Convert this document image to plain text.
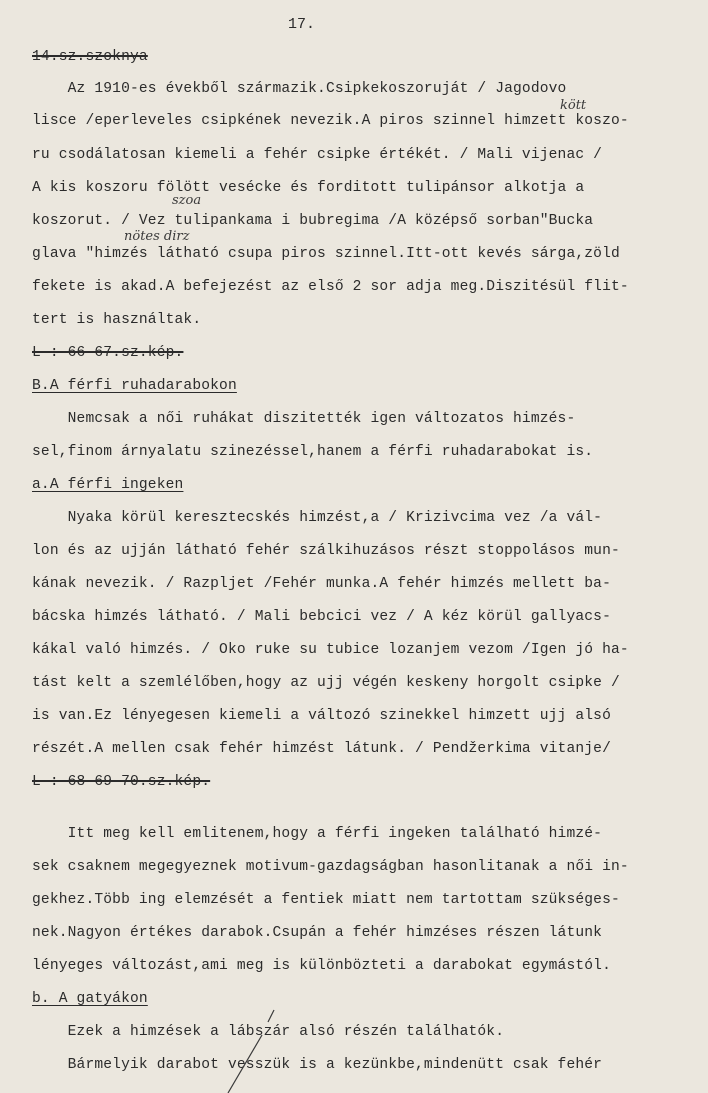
17.
14.sz.szoknya
Az 1910-es évekből származik.Csipkekoszoruját / Jagodovo
lisce /eperleveles csipkének nevezik.A piros szinnel himzett koszo-
ru csodálatosan kiemeli a fehér csipke értékét. / Mali vijenac /
A kis koszoru fölött vesécke és forditott tulipánsor alkotja a
koszorut. / Vez tulipankama i bubregima /A középső sorban"Bucka
glava "himzés látható csupa piros szinnel.Itt-ott kevés sárga,zöld
fekete is akad.A befejezést az első 2 sor adja meg.Diszitésül flit-
tert is használtak.
L : 66-67.sz.kép.
B.A férfi ruhadarabokon
Nemcsak a női ruhákat diszitették igen változatos himzés-
sel,finom árnyalatu szinezéssel,hanem a férfi ruhadarabokat is.
a.A férfi ingeken
Nyaka körül keresztecskés himzést,a / Krizivcima vez /a vál-
lon és az ujján látható fehér szálkihuzásos részt stoppolásos mun-
kának nevezik. / Razpljet /Fehér munka.A fehér himzés mellett ba-
bácska himzés látható. / Mali bebcici vez / A kéz körül gallyacs-
kákal való himzés. / Oko ruke su tubice lozanjem vezom /Igen jó ha-
tást kelt a szemlélőben,hogy az ujj végén keskeny horgolt csipke /
is van.Ez lényegesen kiemeli a változó szinekkel himzett ujj alsó
részét.A mellen csak fehér himzést látunk. / Pendžerkima vitanje/
L : 68-69-70.sz.kép.
Itt meg kell emlitenem,hogy a férfi ingeken található himzé-
sek csaknem megegyeznek motivum-gazdagságban hasonlitanak a női in-
gekhez.Több ing elemzését a fentiek miatt nem tartottam szükséges-
nek.Nagyon értékes darabok.Csupán a fehér himzéses részen látunk
lényeges változást,ami meg is különbözteti a darabokat egymástól.
b. A gatyákon
Ezek a himzések a lábszár alsó részén találhatók.
Bármelyik darabot vesszük is a kezünkbe,mindenütt csak fehér
kött
szoa
nötes dirz
